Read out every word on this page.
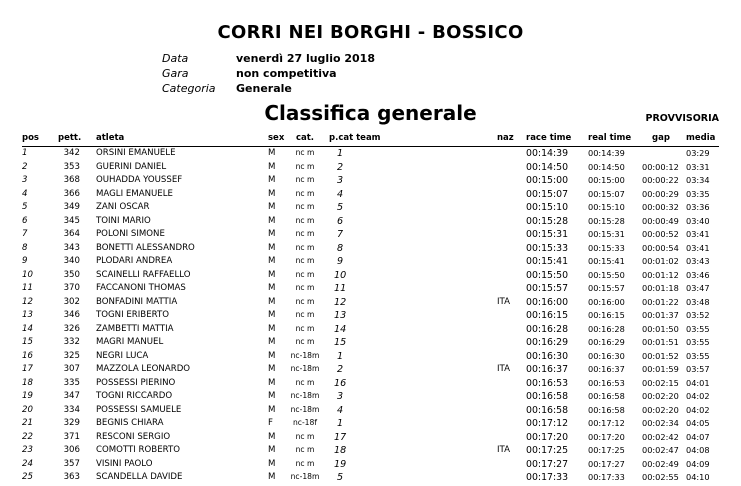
CORRI NEI BORGHI - BOSSICO
Data	venerdì 27 luglio 2018
Gara	non competitiva
Categoria Generale
Classifica generale	PROVVISORIA
pos pett. atleta	sex	cat.	p.cat team	naz race time real time gap media
1	342 ORSINI EMANUELE	M	nc m	1	00:14:39 00:14:39	03:29
2	353 GUERINI DANIEL	M	nc m	2	00:14:50 00:14:50 00:00:12 03:31
3	368 OUHADDA YOUSSEF	M	nc m	3	00:15:00 00:15:00 00:00:22 03:34
4	366 MAGLI EMANUELE	M	nc m	4	00:15:07 00:15:07 00:00:29 03:35
5	349 ZANI OSCAR	M	nc m	5	00:15:10 00:15:10 00:00:32 03:36
6	345 TOINI MARIO	M	nc m	6	00:15:28 00:15:28 00:00:49 03:40
7	364 POLONI SIMONE	M	nc m	7	00:15:31 00:15:31 00:00:52 03:41
8	343 BONETTI ALESSANDRO	M	nc m	8	00:15:33 00:15:33 00:00:54 03:41
9	340 PLODARI ANDREA	M	nc m	9	00:15:41 00:15:41 00:01:02 03:43
10	350 SCAINELLI RAFFAELLO	M	nc m	10	00:15:50 00:15:50 00:01:12 03:46
11	370 FACCANONI THOMAS	M	nc m	11	00:15:57 00:15:57 00:01:18 03:47
12	302 BONFADINI MATTIA	M	nc m	12	ITA 00:16:00 00:16:00 00:01:22 03:48
13	346 TOGNI ERIBERTO	M	nc m	13	00:16:15 00:16:15 00:01:37 03:52
14	326 ZAMBETTI MATTIA	M	nc m	14	00:16:28 00:16:28 00:01:50 03:55
15	332 MAGRI MANUEL	M	nc m	15	00:16:29 00:16:29 00:01:51 03:55
16	325 NEGRI LUCA	M nc-18m	1	00:16:30 00:16:30 00:01:52 03:55
17	307 MAZZOLA LEONARDO	M nc-18m	2	ITA 00:16:37 00:16:37 00:01:59 03:57
18	335 POSSESSI PIERINO	M	nc m	16	00:16:53 00:16:53 00:02:15 04:01
19	347 TOGNI RICCARDO	M nc-18m	3	00:16:58 00:16:58 00:02:20 04:02
20	334 POSSESSI SAMUELE	M nc-18m	4	00:16:58 00:16:58 00:02:20 04:02
21	329 BEGNIS CHIARA	F	nc-18f	1	00:17:12 00:17:12 00:02:34 04:05
22	371 RESCONI SERGIO	M	nc m	17	00:17:20 00:17:20 00:02:42 04:07
23	306 COMOTTI ROBERTO	M	nc m	18	ITA 00:17:25 00:17:25 00:02:47 04:08
24	357 VISINI PAOLO	M	nc m	19	00:17:27 00:17:27 00:02:49 04:09
25	363 SCANDELLA DAVIDE	M nc-18m	5	00:17:33 00:17:33 00:02:55 04:10
